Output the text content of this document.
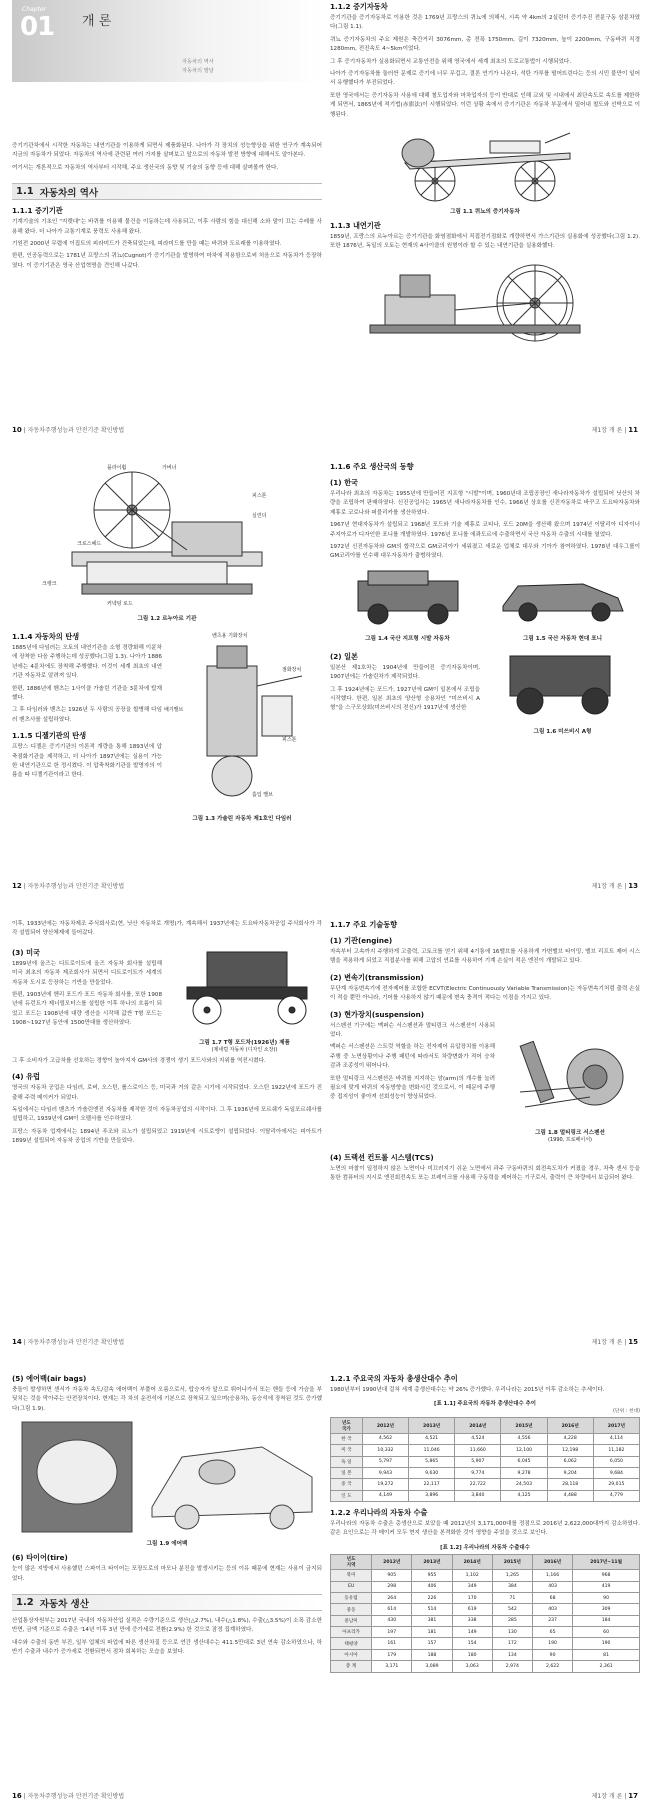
Chapter
01 개 론
자동차의 역사
자동차의 발달

증기기관차에서 시작한 자동차는 내연기관을 이용하게 되면서 제품화된다. 나아가 각 장치의 성능향상을 위한 연구가 계속되어 지금의 자동차가 되었다. 자동차의 역사에 관련된 여러 가지를 살펴보고 앞으로의 자동차 발전 방향에 대해서도 알아본다.

여기서는 개론적으로 자동차의 역사부터 시작해, 주요 생산국의 동향 및 기술의 동향 등에 대해 살펴볼까 한다.

1.1 자동차의 역사
1.1.1 증기기관

기계기술의 기초인 "지렛대"는 바퀴를 이용해 물건을 이동하는데 사용되고, 이후 사람의 힘을 대신해 소와 말이 끄는 수레를 사용해 왔다. 더 나아가 교통기계로 풍력도 사용해 왔다.

기원전 2000년 무렵에 이집트의 피라미드가 건축되었는데, 피라미드를 만들 때는 바퀴와 도르래를 이용하였다.

한편, 인공동력으로는 1781년 프랑스의 퀴뇨(Cugnot)가 증기기관을 발명하여 마차에 적용함으로써 처음으로 자동차가 등장하였다. 이 증기기관은 영국 산업혁명을 견인해 나갔다.

10 | 자동차주행성능과 안전기준 확인방법
1.1.2 증기자동차

증기기관을 증기자동차로 이용한 것은 1769년 프랑스의 퀴뇨에 의해서, 시속 약 4km의 2실린더 증기추진 전륜구동 삼륜차였다(그림 1.1).

퀴뇨 증기자동차의 주요 제원은 축간거리 3076mm, 총 전폭 1750mm, 길이 7320mm, 높이 2200mm, 구동바퀴 직경 1280mm, 전진속도 4~5km이었다.

그 후 증기자동차가 실용화되면서 교통안전을 위해 영국에서 세계 최초의 도로교통법이 시행되었다.

나아가 증기자동차를 둘러싼 문제로 증기에 너무 무겁고, 결론 연기가 나온다, 석탄 가루를 떨어뜨린다는 등의 시민 불만이 일어서 유행했다가 부진되었다.

또한 영국에서는 증기자동차 사용에 대해 철도업자와 마차업자의 등이 반대로 인해 교외 및 시내에서 최단속도로 속도를 제한하게 되면서, 1865년에 적기법(赤旗法)이 시행되었다. 이런 상황 속에서 증기기관은 자동차 부문에서 밀어내 철도와 선박으로 이행된다.

그림 1.1 퀴뇨의 증기자동차
1.1.3 내연기관

1859년, 프랑스의 르누아르는 증기기관을 화염점화에서 직접전기점화로 개량하면서 가스기관의 실용화에 성공했다(그림 1.2). 또한 1876년, 독일의 오토는 현재의 4사이클의 원형이라 할 수 있는 내연기관을 실용화했다.

제1장 개 론 | 11
플라이휠	가버너
크로스헤드
피스톤
실린더
커넥팅 로드
크랭크
그림 1.2 르누아르 기관
1.1.4 자동차의 탄생

1885년에 다임러는 오토의 내연기관을 소형 경량화해 이륜차에 장착한 다음 주행하는데 성공했다(그림 1.3). 나아가 1886년에는 4륜차에도 장착해 주행했다. 이것이 세계 최초의 내연기관 자동차로 알려져 있다.

한편, 1886년에 벤츠는 1사이클 가솔린 기관을 3륜차에 탑재했다.

그 후 다임러와 벤츠는 1926년 두 사람의 공장을 합병해 다임러 벤츠사를 설립하였다.

1.1.5 디젤기관의 탄생

프랑스 디젤은 증기기관의 이론적 개량을 통해 1893년에 압축점화기관을 제작하고, 더 나아가 1897년에는 실용이 가능한 내연기관으로 한 정시켰다. 이 압축착화기관을 발명자의 이름을 따 디젤기관이라고 한다.

벤츠용 기화장치
점화장치
배기밸브
피스톤
흡입 밸브
그림 1.3 가솔린 자동차 제1호인 다임러
12 | 자동차주행성능과 안전기준 확인방법
1.1.6 주요 생산국의 동향
(1) 한국

우리나라 최초의 자동차는 1955년에 만들어진 지프형 "시발"이며, 1960년대 조립공장인 새나라자동차가 설립되어 닛산의 차량을 조립하여 판매하였다. 신진공업사는 1965년 새나라자동차를 인수, 1966년 상호를 신진자동차로 바꾸고 도요타자동차와 제휴로 코로나와 퍼블리카를 생산하였다.

1967년 현대자동차가 설립되고 1968년 포드와 기술 제휴로 코티나, 포드 20M을 생산해 왔으며 1974년 이탈리아 디자이너 주지아로가 디자인한 포니를 개발하였다. 1976년 포니를 에콰도르에 수출하면서 국산 자동차 수출의 시대를 열었다.

1972년 신진자동차와 GM의 합작으로 GM코리아가 세워졌고 새로운 업체로 대우와 기아가 참여하였다. 1978년 대우그룹이 GM코리아를 인수해 대우자동차가 출범하였다.

그림 1.4 국산 지프형 시발 자동차	그림 1.5 국산 자동차 현대 포니
(2) 일본

일본산 제1호차는 1904년에 만들어진 증기자동차이며, 1907년에는 가솔린차가 제작되었다.

그 후 1924년에는 포드가, 1927년에 GM이 일본에서 조립을 시작했다. 한편, 일본 최초의 양산형 승용차인 "미쓰비시 A형"을 스구모상회(미쓰비시의 전신)가 1917년에 생산한

그림 1.6 미쓰비시 A형
제1장 개 론 | 13

이후, 1933년에는 자동차제조 주식회사로(현, 닛산 자동차로 개명)가, 계속해서 1937년에는 도요타자동차공업 주식회사가 각각 설립되어 양산체제에 들어갔다.

(3) 미국

1899년에 올즈는 디트로이트에 올즈 자동차 회사를 설립해 미국 최초의 자동차 제조회사가 되면서 디트로이트가 세계의 자동차 도시로 등장하는 기반을 만들었다.

한편, 1903년에 헨리 포드가 포드 자동차 회사를, 또한 1908년에 듀런트가 제너럴모터스를 설립한 이후 하나의 흐름이 되었고 포드는 1908년에 대량 생산을 시작해 값싼 T형 포드는 1908~1927년 동안에 1500만대를 생산하였다.

그림 1.7 T형 포드차(1926년) 제품
(제네럴 자동차 (디자인 소장))

그 후 소비자가 고급차를 선호하는 경향이 높아지자 GM사의 경쟁이 생기 포드사와의 지위를 역전시켰다.

(4) 유럽

영국의 자동차 공업은 다임러, 로버, 오스틴, 롤스로이스 등, 미국과 거의 같은 시기에 시작되었다. 오스틴 1922년에 포드가 진출해 주력 메이커가 되었다.

독일에서는 다임러 벤츠가 가솔린엔진 자동차를 제작한 것이 자동차공업의 시작이다. 그 후 1936년에 포르쉐가 독일포르쉐사를 설립하고, 1939년에 GM이 오펠사를 인수하였다.

프랑스 자동차 업계에서는 1894년 푸조와 르노가 설립되었고 1919년에 시트로엥이 설립되었다. 이탈리아에서는 피아트가 1899년 설립되어 자동차 공업의 기반을 만들었다.

14 | 자동차주행성능과 안전기준 확인방법
1.1.7 주요 기술동향
(1) 기관(engine)

자속부터 고속까지 주행하게 고출력, 고토크를 얻기 위해 4기통에 16밸브를 사용하게 가변밸브 타이밍, 밸브 리프트 제어 시스템을 적용하게 되었고 직접분사를 위해 고압의 연료를 사용하여 기계 손실이 적은 엔진이 개발되고 있다.

(2) 변속기(transmission)

무단계 자동변속기에 전자제어를 조합한 ECVT(Electric Continuously Variable Transmission)는 자동변속기처럼 출력 손실이 적을 뿐만 아니라, 기어를 사용하지 않기 때문에 변속 충격이 적다는 이점을 가지고 있다.

(3) 현가장치(suspension)

서스펜션 기구에는 맥퍼슨 서스펜션과 멀티링크 서스펜션이 사용되었다.

맥퍼슨 서스펜션은 스트럿 역할을 하는 전자제어 유압장치를 이용해 주행 중 노면상황이나 주행 패턴에 따라서도 차량변화가 적어 승차감과 조종성이 뛰어나다.

또한 멀티링크 서스펜션은 바퀴를 지지하는 암(arm)의 개수를 늘려 필요에 맞게 바퀴의 자동방향을 변화시킨 것으로서, 이 때문에 주행 중 접지성이 좋아져 선회성능이 향상되었다.

그림 1.8 멀티링크 서스펜션
(1990, 프로페이서)
(4) 트랙션 컨트롤 시스템(TCS)

노면의 마찰이 일정하지 않은 노면이나 미끄러지기 쉬운 노면에서 과주 구동바퀴의 회전속도차가 커졌을 경우, 차축 센서 등을 통한 컴퓨터의 지시로 엔진회전속도 또는 브레이크를 사용해 구동력을 제어하는 기구로서, 출력이 큰 차량에서 보급되어 왔다.

제1장 개 론 | 15
(5) 에어백(air bags)

충돌이 발생하면 센서가 자동차 속도/감속 에어백이 부풀어 오름으로서, 탑승자가 앞으로 튀어나가서 또는 핸들 등에 가슴을 부딪치는 것을 막아주는 안전장치이다. 현재는 각 차의 운전석에 기본으로 장착되고 있으며(승용차), 동승석에 장착된 것도 증가했다(그림 1.9).

그림 1.9 에어백
(6) 타이어(tire)

눈이 많은 지방에서 사용했던 스파이크 타이어는 포장도로의 마모나 분진을 발생시키는 등의 이유 때문에 현재는 사용이 금지되었다.

1.2 자동차 생산

산업통상자원부는 2017년 국내의 자동차산업 실적은 수량기준으로 생산(△2.7%), 내수(△1.8%), 수출(△3.5%)이 소폭 감소한 반면, 금액 기준으로 수출은 '14년 이후 3년 만에 증가세로 전환(2.9%) 한 것으로 잠정 집계하였다.

내수와 수출의 동반 부진, 일부 업체의 파업에 따른 생산차질 등으로 연간 생산대수는 411.5만대로 3년 연속 감소하였으나, 하반기 수출과 내수가 증가세로 전환되면서 점차 회복하는 모습을 보였다.

16 | 자동차주행성능과 안전기준 확인방법
1.2.1 주요국의 자동차 총생산대수 추이

1980년부터 1990년대 걸쳐 세계 총생산대수는 약 26% 증가했다. 우리나라는 2015년 이후 감소하는 추세이다.

[표 1.1] 주요국의 자동차 총생산대수 추이
(단위 : 천대)
년도
국가	2012년	2013년	2014년	2015년	2016년	2017년
한 국	4,562	4,521	4,524	4,556	4,228	4,114
미 국	10,332	11,046	11,660	12,100	12,198	11,182
독 일	5,797	5,865	5,907	6,045	6,062	6,050
일 본	9,943	9,630	9,774	9,278	9,204	9,684
중 국	19,272	22,117	22,722	24,503	28,118	29,015
인 도	4,149	3,896	3,840	4,125	4,488	4,779
1.2.2 우리나라의 자동차 수출

우리나라의 자동차 수출은 총생산으로 보았을 때 2012년의 3,171,000대를 정점으로 2016년 2,622,000대까지 감소하였다. 같은 요인으로는 각 메이커 모두 현지 생산을 본격화한 것이 영향을 주었을 것으로 보인다.

[표 1.2] 우리나라의 자동차 수출대수
년도
지역	2012년	2013년	2014년	2015년	2016년	2017년~11월
북미	905	955	1,102	1,265	1,166	968
EU	298	406	349	384	403	419
동유럽	264	226	170	71	68	90
중동	614	514	619	542	403	309
중남미	430	381	338	285	237	184
아프리카	197	181	149	130	65	60
태평양	161	157	154	172	190	190
아시아	179	188	180	134	90	81
총 계	3,171	3,089	3,063	2,974	2,622	2,361
제1장 개 론 | 17
